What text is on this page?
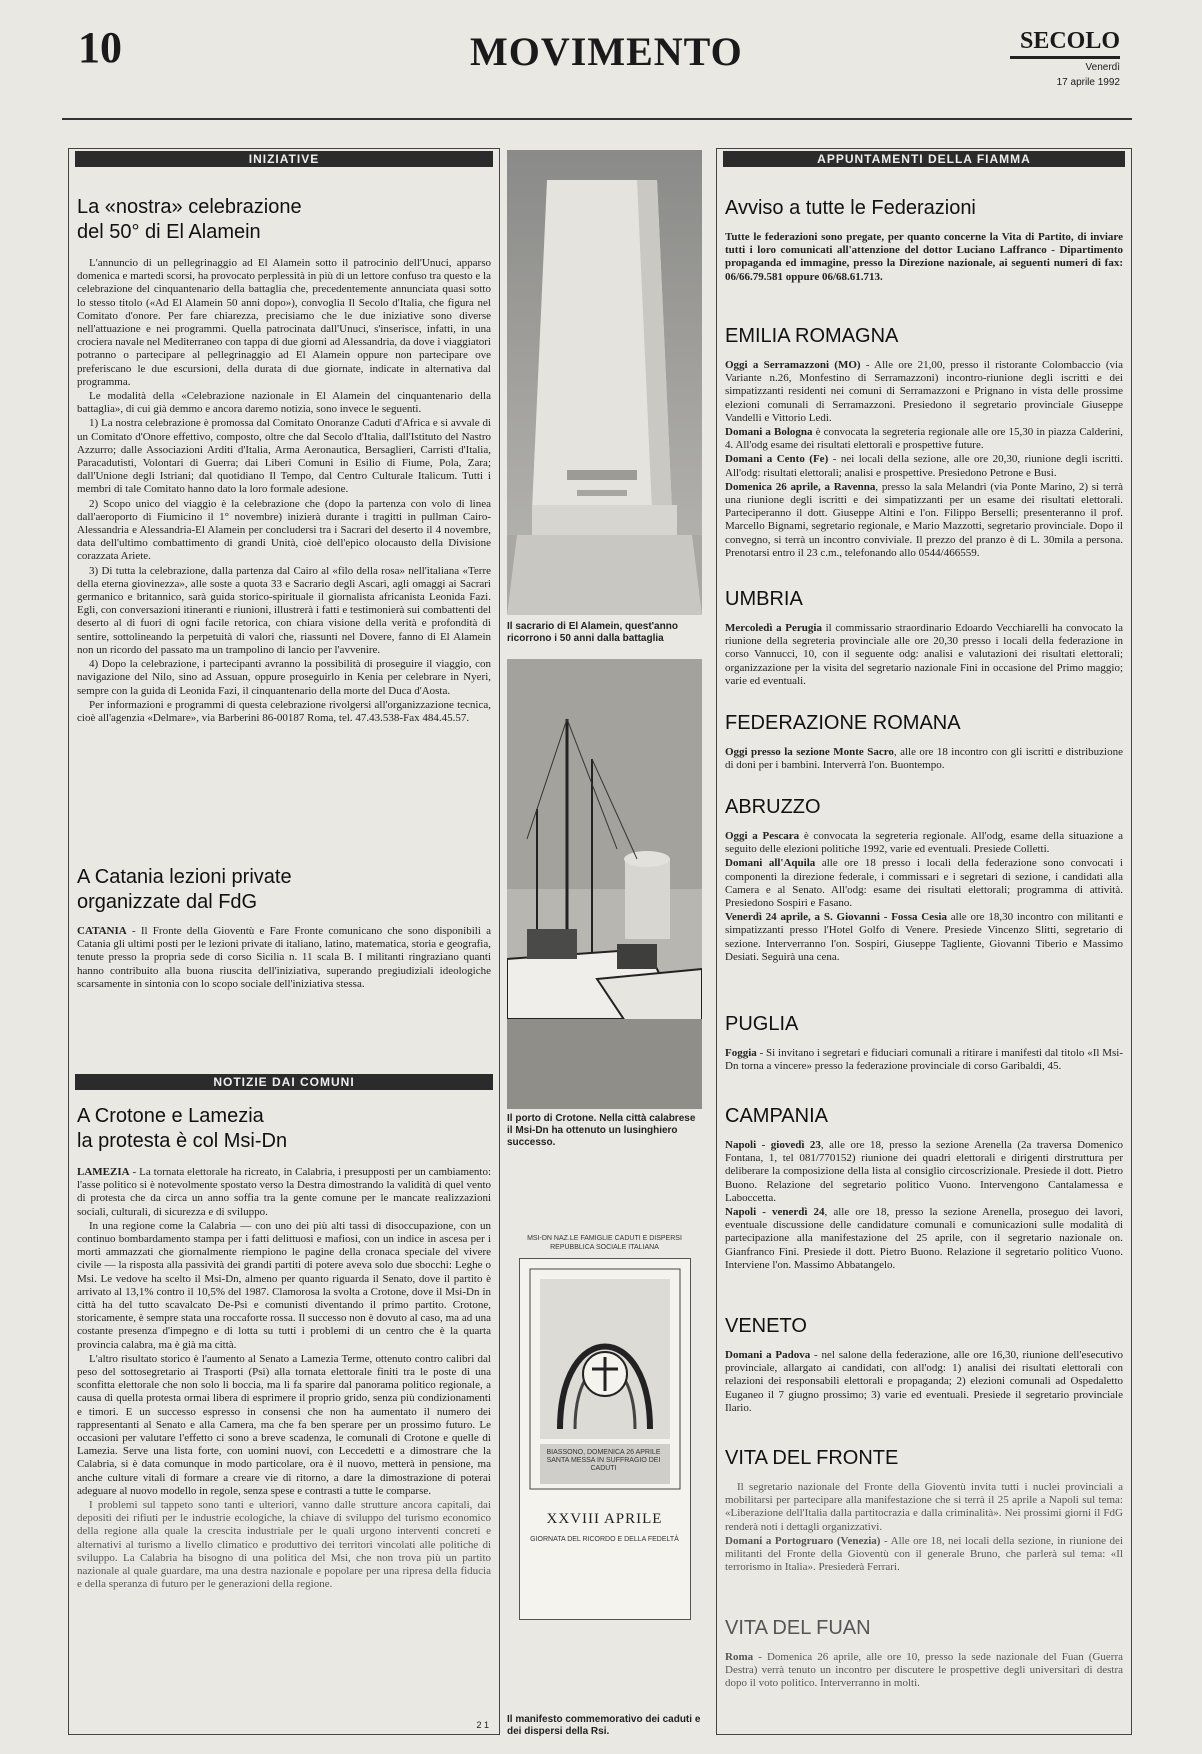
10	MOVIMENTO	SECOLO
Venerdì
17 aprile 1992
INIZIATIVE
La «nostra» celebrazione
del 50° di El Alamein

L'annuncio di un pellegrinaggio ad El Alamein sotto il patrocinio dell'Unuci, apparso domenica e martedì scorsi, ha provocato perplessità in più di un lettore confuso tra questo e la celebrazione del cinquantenario della battaglia che, precedentemente annunciata quasi sotto lo stesso titolo («Ad El Alamein 50 anni dopo»), convoglia Il Secolo d'Italia, che figura nel Comitato d'onore. Per fare chiarezza, precisiamo che le due iniziative sono diverse nell'attuazione e nei programmi. Quella patrocinata dall'Unuci, s'inserisce, infatti, in una crociera navale nel Mediterraneo con tappa di due giorni ad Alessandria, da dove i viaggiatori potranno o partecipare al pellegrinaggio ad El Alamein oppure non partecipare ove preferiscano le due escursioni, della durata di due giornate, indicate in alternativa dal programma.

Le modalità della «Celebrazione nazionale in El Alamein del cinquantenario della battaglia», di cui già demmo e ancora daremo notizia, sono invece le seguenti.

1) La nostra celebrazione è promossa dal Comitato Onoranze Caduti d'Africa e si avvale di un Comitato d'Onore effettivo, composto, oltre che dal Secolo d'Italia, dall'Istituto del Nastro Azzurro; dalle Associazioni Arditi d'Italia, Arma Aeronautica, Bersaglieri, Carristi d'Italia, Paracadutisti, Volontari di Guerra; dai Liberi Comuni in Esilio di Fiume, Pola, Zara; dall'Unione degli Istriani; dal quotidiano Il Tempo, dal Centro Culturale Italicum. Tutti i membri di tale Comitato hanno dato la loro formale adesione.

2) Scopo unico del viaggio è la celebrazione che (dopo la partenza con volo di linea dall'aeroporto di Fiumicino il 1° novembre) inizierà durante i tragitti in pullman Cairo-Alessandria e Alessandria-El Alamein per concludersi tra i Sacrari del deserto il 4 novembre, data dell'ultimo combattimento di grandi Unità, cioè dell'epico olocausto della Divisione corazzata Ariete.

3) Di tutta la celebrazione, dalla partenza dal Cairo al «filo della rosa» nell'italiana «Terre della eterna giovinezza», alle soste a quota 33 e Sacrario degli Ascari, agli omaggi ai Sacrari germanico e britannico, sarà guida storico-spirituale il giornalista africanista Leonida Fazi. Egli, con conversazioni itineranti e riunioni, illustrerà i fatti e testimonierà sui combattenti del deserto al di fuori di ogni facile retorica, con chiara visione della verità e profondità di sentire, sottolineando la perpetuità di valori che, riassunti nel Dovere, fanno di El Alamein non un ricordo del passato ma un trampolino di lancio per l'avvenire.

4) Dopo la celebrazione, i partecipanti avranno la possibilità di proseguire il viaggio, con navigazione del Nilo, sino ad Assuan, oppure proseguirlo in Kenia per celebrare in Nyeri, sempre con la guida di Leonida Fazi, il cinquantenario della morte del Duca d'Aosta.

Per informazioni e programmi di questa celebrazione rivolgersi all'organizzazione tecnica, cioè all'agenzia «Delmare», via Barberini 86-00187 Roma, tel. 47.43.538-Fax 484.45.57.

A Catania lezioni private
organizzate dal FdG

CATANIA - Il Fronte della Gioventù e Fare Fronte comunicano che sono disponibili a Catania gli ultimi posti per le lezioni private di italiano, latino, matematica, storia e geografia, tenute presso la propria sede di corso Sicilia n. 11 scala B. I militanti ringraziano quanti hanno contribuito alla buona riuscita dell'iniziativa, superando pregiudiziali ideologiche scarsamente in sintonia con lo scopo sociale dell'iniziativa stessa.

NOTIZIE DAI COMUNI
A Crotone e Lamezia
la protesta è col Msi-Dn

LAMEZIA - La tornata elettorale ha ricreato, in Calabria, i presupposti per un cambiamento: l'asse politico si è notevolmente spostato verso la Destra dimostrando la validità di quel vento di protesta che da circa un anno soffia tra la gente comune per le mancate realizzazioni sociali, culturali, di sicurezza e di sviluppo.

In una regione come la Calabria — con uno dei più alti tassi di disoccupazione, con un continuo bombardamento stampa per i fatti delittuosi e mafiosi, con un indice in ascesa per i morti ammazzati che giornalmente riempiono le pagine della cronaca speciale del vivere civile — la risposta alla passività dei grandi partiti di potere aveva solo due sbocchi: Leghe o Msi. Le vedove ha scelto il Msi-Dn, almeno per quanto riguarda il Senato, dove il partito è arrivato al 13,1% contro il 10,5% del 1987. Clamorosa la svolta a Crotone, dove il Msi-Dn in città ha del tutto scavalcato De-Psi e comunisti diventando il primo partito. Crotone, storicamente, è sempre stata una roccaforte rossa. Il successo non è dovuto al caso, ma ad una costante presenza d'impegno e di lotta su tutti i problemi di un centro che è la quarta provincia calabra, ma è già ma città.

L'altro risultato storico è l'aumento al Senato a Lamezia Terme, ottenuto contro calibri dal peso del sottosegretario ai Trasporti (Psi) alla tornata elettorale finiti tra le poste di una sconfitta elettorale che non solo li boccia, ma li fa sparire dal panorama politico regionale, a causa di quella protesta ormai libera di esprimere il proprio grido, senza più condizionamenti e timori. E un successo espresso in consensi che non ha aumentato il numero dei rappresentanti al Senato e alla Camera, ma che fa ben sperare per un prossimo futuro. Le occasioni per valutare l'effetto ci sono a breve scadenza, le comunali di Crotone e quelle di Lamezia. Serve una lista forte, con uomini nuovi, con Leccedetti e a dimostrare che la Calabria, si è data comunque in modo particolare, ora è il nuovo, metterà in pensione, ma anche culture vitali di formare a creare vie di ritorno, a dare la dimostrazione di poterai adeguare al nuovo modello in regole, senza spese e contrasti a tutte le comparse.

I problemi sul tappeto sono tanti e ulteriori, vanno dalle strutture ancora capitali, dai depositi dei rifiuti per le industrie ecologiche, la chiave di sviluppo del turismo economico della regione alla quale la crescita industriale per le quali urgono interventi concreti e alternativi al turismo a livello climatico e produttivo dei territori vincolati alle politiche di sviluppo. La Calabria ha bisogno di una politica del Msi, che non trova più un partito nazionale al quale guardare, ma una destra nazionale e popolare per una ripresa della fiducia e della speranza di futuro per le generazioni della regione.

2 1
Il sacrario di El Alamein, quest'anno ricorrono i 50 anni dalla battaglia
Il porto di Crotone. Nella città calabrese il Msi-Dn ha ottenuto un lusinghiero successo.
MSI-DN NAZ.LE FAMIGLIE CADUTI E DISPERSI REPUBBLICA SOCIALE ITALIANA
BIASSONO, DOMENICA 26 APRILE SANTA MESSA IN SUFFRAGIO DEI CADUTI
XXVIII APRILE
GIORNATA DEL RICORDO E DELLA FEDELTÀ
Il manifesto commemorativo dei caduti e dei dispersi della Rsi.
APPUNTAMENTI DELLA FIAMMA
Avviso a tutte le Federazioni
Tutte le federazioni sono pregate, per quanto concerne la Vita di Partito, di inviare tutti i loro comunicati all'attenzione del dottor Luciano Laffranco - Dipartimento propaganda ed immagine, presso la Direzione nazionale, ai seguenti numeri di fax: 06/66.79.581 oppure 06/68.61.713.
EMILIA ROMAGNA

Oggi a Serramazzoni (MO) - Alle ore 21,00, presso il ristorante Colombaccio (via Variante n.26, Monfestino di Serramazzoni) incontro-riunione degli iscritti e dei simpatizzanti residenti nei comuni di Serramazzoni e Prignano in vista delle prossime elezioni comunali di Serramazzoni. Presiedono il segretario provinciale Giuseppe Vandelli e Vittorio Ledi.

Domani a Bologna è convocata la segreteria regionale alle ore 15,30 in piazza Calderini, 4. All'odg esame dei risultati elettorali e prospettive future.

Domani a Cento (Fe) - nei locali della sezione, alle ore 20,30, riunione degli iscritti. All'odg: risultati elettorali; analisi e prospettive. Presiedono Petrone e Busi.

Domenica 26 aprile, a Ravenna, presso la sala Melandri (via Ponte Marino, 2) si terrà una riunione degli iscritti e dei simpatizzanti per un esame dei risultati elettorali. Parteciperanno il dott. Giuseppe Altini e l'on. Filippo Berselli; presenteranno il prof. Marcello Bignami, segretario regionale, e Mario Mazzotti, segretario provinciale. Dopo il convegno, si terrà un incontro conviviale. Il prezzo del pranzo è di L. 30mila a persona. Prenotarsi entro il 23 c.m., telefonando allo 0544/466559.

UMBRIA

Mercoledì a Perugia il commissario straordinario Edoardo Vecchiarelli ha convocato la riunione della segreteria provinciale alle ore 20,30 presso i locali della federazione in corso Vannucci, 10, con il seguente odg: analisi e valutazioni dei risultati elettorali; organizzazione per la visita del segretario nazionale Fini in occasione del Primo maggio; varie ed eventuali.

FEDERAZIONE ROMANA

Oggi presso la sezione Monte Sacro, alle ore 18 incontro con gli iscritti e distribuzione di doni per i bambini. Interverrà l'on. Buontempo.

ABRUZZO

Oggi a Pescara è convocata la segreteria regionale. All'odg, esame della situazione a seguito delle elezioni politiche 1992, varie ed eventuali. Presiede Colletti.

Domani all'Aquila alle ore 18 presso i locali della federazione sono convocati i componenti la direzione federale, i commissari e i segretari di sezione, i candidati alla Camera e al Senato. All'odg: esame dei risultati elettorali; programma di attività. Presiedono Sospiri e Fasano.

Venerdì 24 aprile, a S. Giovanni - Fossa Cesia alle ore 18,30 incontro con militanti e simpatizzanti presso l'Hotel Golfo di Venere. Presiede Vincenzo Slitti, segretario di sezione. Interverranno l'on. Sospiri, Giuseppe Tagliente, Giovanni Tiberio e Massimo Desiati. Seguirà una cena.

PUGLIA

Foggia - Si invitano i segretari e fiduciari comunali a ritirare i manifesti dal titolo «Il Msi-Dn torna a vincere» presso la federazione provinciale di corso Garibaldi, 45.

CAMPANIA

Napoli - giovedì 23, alle ore 18, presso la sezione Arenella (2a traversa Domenico Fontana, 1, tel 081/770152) riunione dei quadri elettorali e dirigenti dirstruttura per deliberare la composizione della lista al consiglio circoscrizionale. Presiede il dott. Pietro Buono. Relazione del segretario politico Vuono. Intervengono Cantalamessa e Laboccetta.

Napoli - venerdì 24, alle ore 18, presso la sezione Arenella, proseguo dei lavori, eventuale discussione delle candidature comunali e comunicazioni sulle modalità di partecipazione alla manifestazione del 25 aprile, con il segretario nazionale on. Gianfranco Fini. Presiede il dott. Pietro Buono. Relazione il segretario politico Vuono. Interviene l'on. Massimo Abbatangelo.

VENETO

Domani a Padova - nel salone della federazione, alle ore 16,30, riunione dell'esecutivo provinciale, allargato ai candidati, con all'odg: 1) analisi dei risultati elettorali con relazioni dei responsabili elettorali e propaganda; 2) elezioni comunali ad Ospedaletto Euganeo il 7 giugno prossimo; 3) varie ed eventuali. Presiede il segretario provinciale Ilario.

VITA DEL FRONTE

Il segretario nazionale del Fronte della Gioventù invita tutti i nuclei provinciali a mobilitarsi per partecipare alla manifestazione che si terrà il 25 aprile a Napoli sul tema: «Liberazione dell'Italia dalla partitocrazia e dalla criminalità». Nei prossimi giorni il FdG renderà noti i dettagli organizzativi.

Domani a Portogruaro (Venezia) - Alle ore 18, nei locali della sezione, in riunione dei militanti del Fronte della Gioventù con il generale Bruno, che parlerà sul tema: «Il terrorismo in Italia». Presiederà Ferrari.

VITA DEL FUAN

Roma - Domenica 26 aprile, alle ore 10, presso la sede nazionale del Fuan (Guerra Destra) verrà tenuto un incontro per discutere le prospettive degli universitari di destra dopo il voto politico. Interverranno in molti.
